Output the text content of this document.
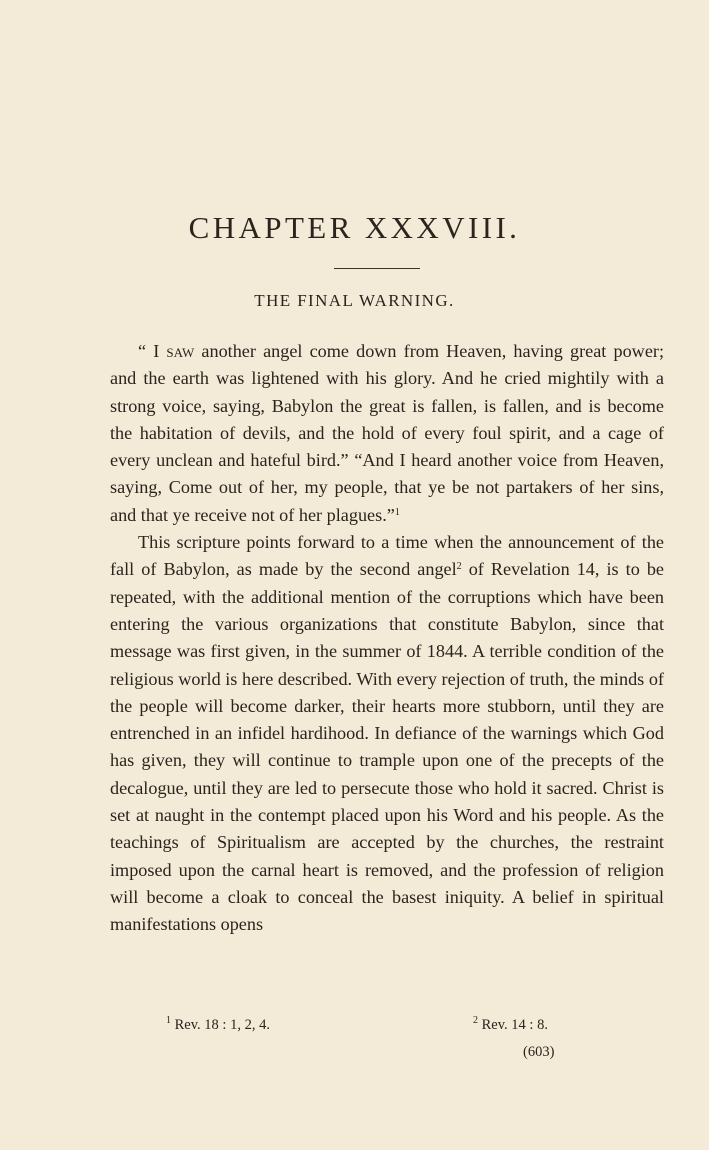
CHAPTER XXXVIII.
THE FINAL WARNING.

“ I saw another angel come down from Heaven, having great power; and the earth was lightened with his glory. And he cried mightily with a strong voice, saying, Babylon the great is fallen, is fallen, and is become the habitation of devils, and the hold of every foul spirit, and a cage of every unclean and hateful bird.” “And I heard another voice from Heaven, saying, Come out of her, my people, that ye be not partakers of her sins, and that ye receive not of her plagues.”$^1$

This scripture points forward to a time when the announcement of the fall of Babylon, as made by the second angel$^2$ of Revelation 14, is to be repeated, with the additional mention of the corruptions which have been entering the various organizations that constitute Babylon, since that message was first given, in the summer of 1844. A terrible condition of the religious world is here described. With every rejection of truth, the minds of the people will become darker, their hearts more stubborn, until they are entrenched in an infidel hardihood. In defiance of the warnings which God has given, they will continue to trample upon one of the precepts of the decalogue, until they are led to persecute those who hold it sacred. Christ is set at naught in the contempt placed upon his Word and his people. As the teachings of Spiritualism are accepted by the churches, the restraint imposed upon the carnal heart is removed, and the profession of religion will become a cloak to conceal the basest iniquity. A belief in spiritual manifestations opens

$^1$ Rev. 18 : 1, 2, 4.	$^2$ Rev. 14 : 8.
(603)
